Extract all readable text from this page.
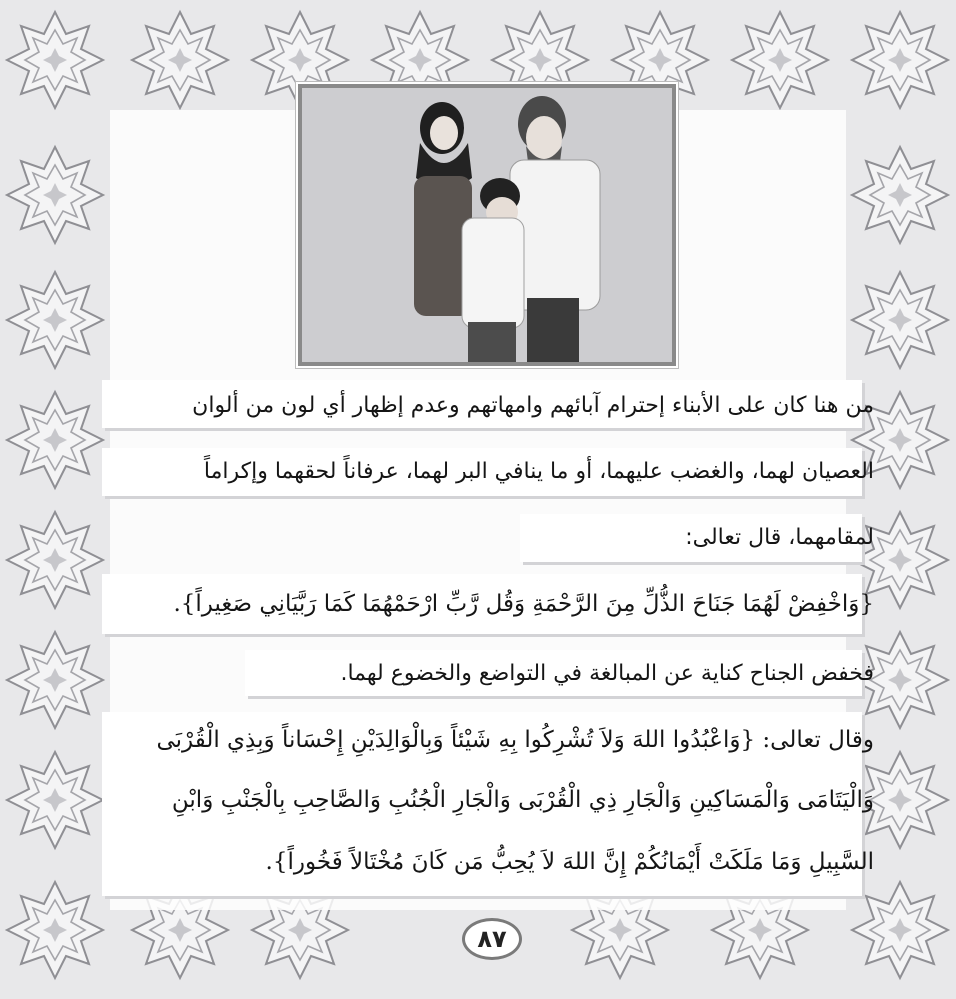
من هنا كان على الأبناء إحترام آبائهم وامهاتهم وعدم إظهار أي لون من ألوان
العصيان لهما، والغضب عليهما، أو ما ينافي البر لهما، عرفاناً لحقهما وإكراماً
لمقامهما، قال تعالى:
{وَاخْفِضْ لَهُمَا جَنَاحَ الذُّلِّ مِنَ الرَّحْمَةِ وَقُل رَّبِّ ارْحَمْهُمَا كَمَا رَبَّيَانِي صَغِيراً}.
فخفض الجناح كناية عن المبالغة في التواضع والخضوع لهما.
وقال تعالى: {وَاعْبُدُوا اللهَ وَلاَ تُشْرِكُوا بِهِ شَيْئاً وَبِالْوَالِدَيْنِ إِحْسَاناً وَبِذِي الْقُرْبَى
وَالْيَتَامَى وَالْمَسَاكِينِ وَالْجَارِ ذِي الْقُرْبَى وَالْجَارِ الْجُنُبِ وَالصَّاحِبِ بِالْجَنْبِ وَابْنِ
السَّبِيلِ وَمَا مَلَكَتْ أَيْمَانُكُمْ إِنَّ اللهَ لاَ يُحِبُّ مَن كَانَ مُخْتَالاً فَخُوراً}.
٨٧
